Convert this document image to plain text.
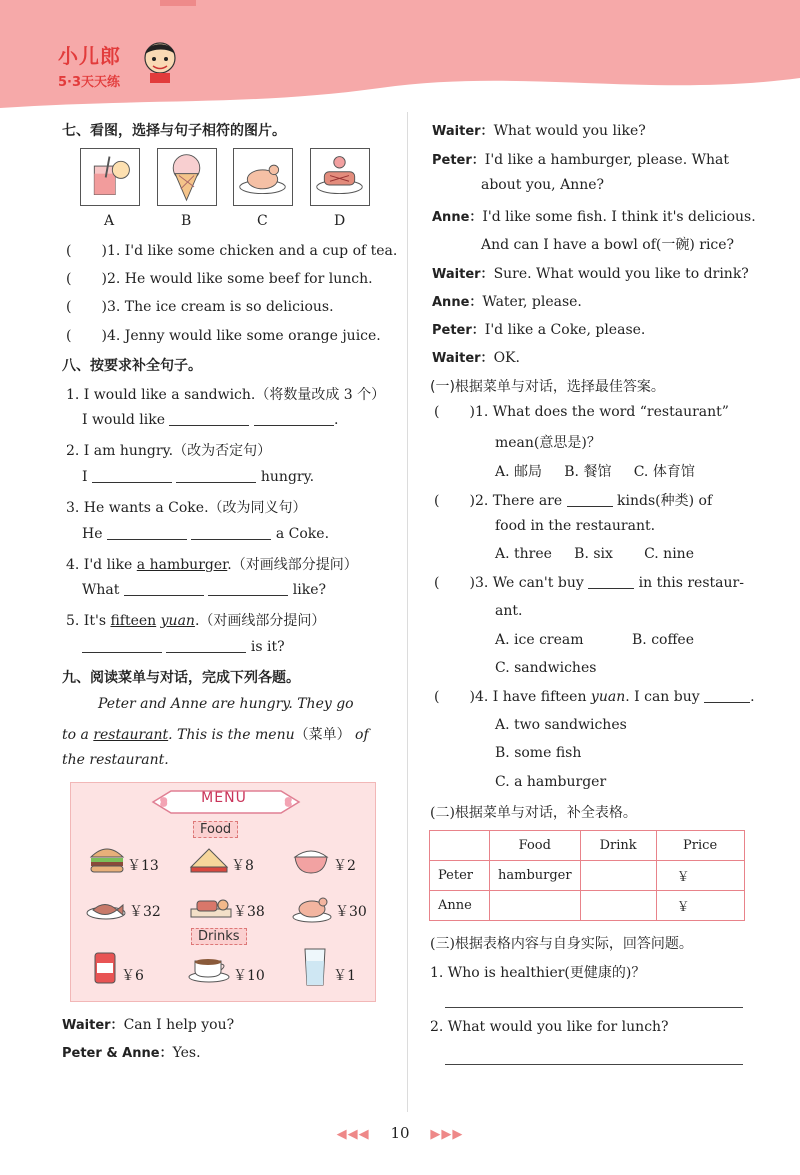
小儿郎
5·3天天练
七、看图，选择与句子相符的图片。
A	B	C	D
( )1. I'd like some chicken and a cup of tea.
( )2. He would like some beef for lunch.
( )3. The ice cream is so delicious.
( )4. Jenny would like some orange juice.
八、按要求补全句子。
1. I would like a sandwich.（将数量改成 3 个）
I would like	.
2. I am hungry.（改为否定句）
I	hungry.
3. He wants a Coke.（改为同义句）
He	a Coke.
4. I'd like a hamburger.（对画线部分提问）
What	like?
5. It's fifteen yuan.（对画线部分提问）
is it?
九、阅读菜单与对话，完成下列各题。
Peter and Anne are hungry. They go
to a restaurant. This is the menu（菜单） of
the restaurant.
MENU
Food
￥13	￥8	￥2
￥32	￥38	￥30
Drinks
￥6	￥10	￥1
Waiter：Can I help you?
Peter & Anne：Yes.
Waiter：What would you like?
Peter：I'd like a hamburger, please. What
about you, Anne?
Anne：I'd like some fish. I think it's delicious.
And can I have a bowl of(一碗) rice?
Waiter：Sure. What would you like to drink?
Anne：Water, please.
Peter：I'd like a Coke, please.
Waiter：OK.
(一)根据菜单与对话，选择最佳答案。
( )1. What does the word “restaurant”
mean(意思是)？
A. 邮局     B. 餐馆     C. 体育馆
( )2. There are	kinds(种类) of
food in the restaurant.
A. three     B. six       C. nine
( )3. We can't buy	in this restaur-
ant.
A. ice cream	B. coffee
C. sandwiches
( )4. I have fifteen yuan. I can buy	.
A. two sandwiches
B. some fish
C. a hamburger
(二)根据菜单与对话，补全表格。
	Food	Drink	Price
Peter	hamburger		￥
Anne			￥
(三)根据表格内容与自身实际，回答问题。
1. Who is healthier(更健康的)？
2. What would you like for lunch?
◀◀◀ 10 ▶▶▶
